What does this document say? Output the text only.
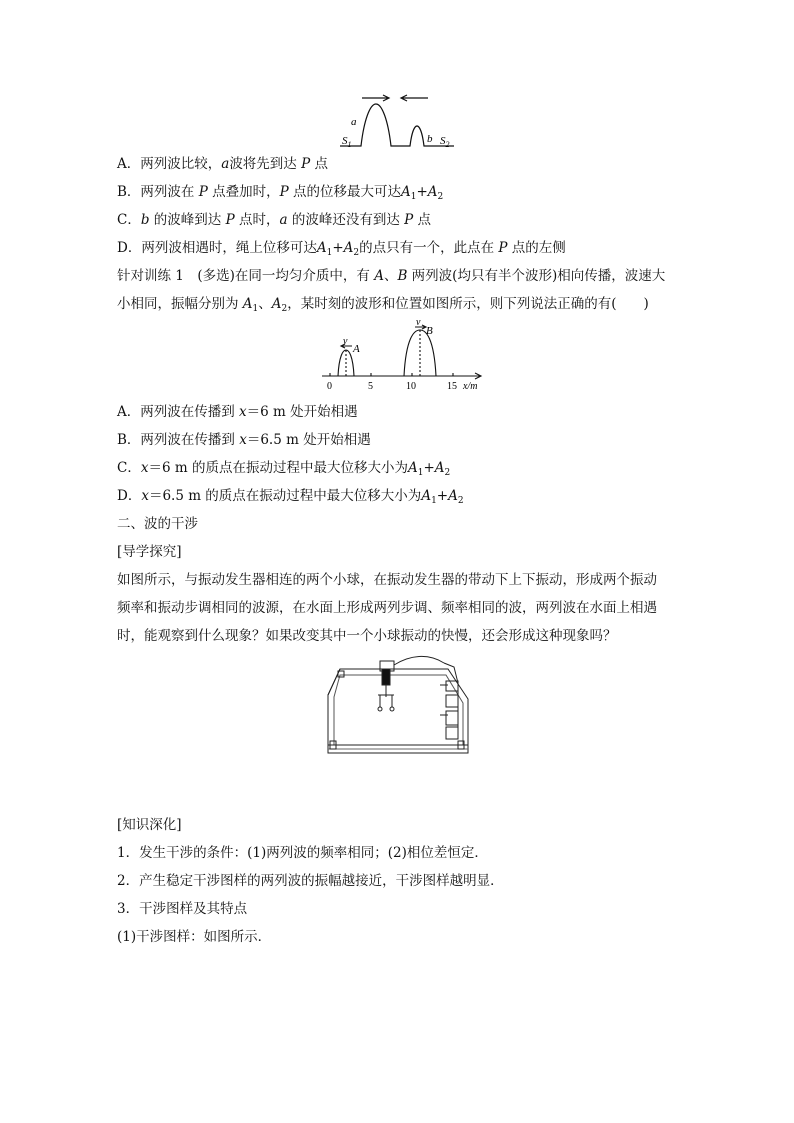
a
$S_1$	b $S_2$
A．两列波比较，a波将先到达 P 点
B．两列波在 P 点叠加时，P 点的位移最大可达$A_1+A_2$
C．b 的波峰到达 P 点时，a 的波峰还没有到达 P 点
D．两列波相遇时，绳上位移可达$A_1+A_2$的点只有一个，此点在 P 点的左侧
针对训练 1　(多选)在同一均匀介质中，有 A、B 两列波(均只有半个波形)相向传播，波速大
小相同，振幅分别为 $A_1$、$A_2$，某时刻的波形和位置如图所示，则下列说法正确的有(　　)
v
A
v
B
0	5	10	15 x/m
A．两列波在传播到 x＝6 m 处开始相遇
B．两列波在传播到 x＝6.5 m 处开始相遇
C．x＝6 m 的质点在振动过程中最大位移大小为$A_1+A_2$
D．x＝6.5 m 的质点在振动过程中最大位移大小为$A_1+A_2$
二、波的干涉
[导学探究]
如图所示，与振动发生器相连的两个小球，在振动发生器的带动下上下振动，形成两个振动
频率和振动步调相同的波源，在水面上形成两列步调、频率相同的波，两列波在水面上相遇
时，能观察到什么现象？如果改变其中一个小球振动的快慢，还会形成这种现象吗？
[知识深化]
1．发生干涉的条件：(1)两列波的频率相同；(2)相位差恒定．
2．产生稳定干涉图样的两列波的振幅越接近，干涉图样越明显．
3．干涉图样及其特点
(1)干涉图样：如图所示．
